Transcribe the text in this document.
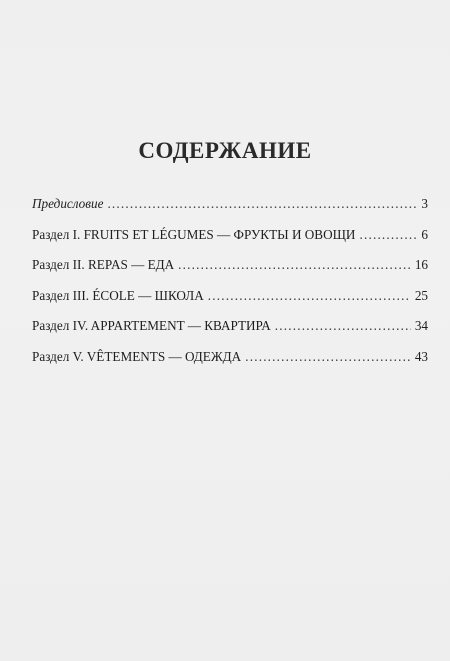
СОДЕРЖАНИЕ
Предисловие .....	3
Раздел I. FRUITS ET LÉGUMES — ФРУКТЫ И ОВОЩИ .....	6
Раздел II. REPAS — ЕДА .....	16
Раздел III. ÉCOLE — ШКОЛА .....	25
Раздел IV. APPARTEMENT — КВАРТИРА .....	34
Раздел V. VÊTEMENTS — ОДЕЖДА .....	43
